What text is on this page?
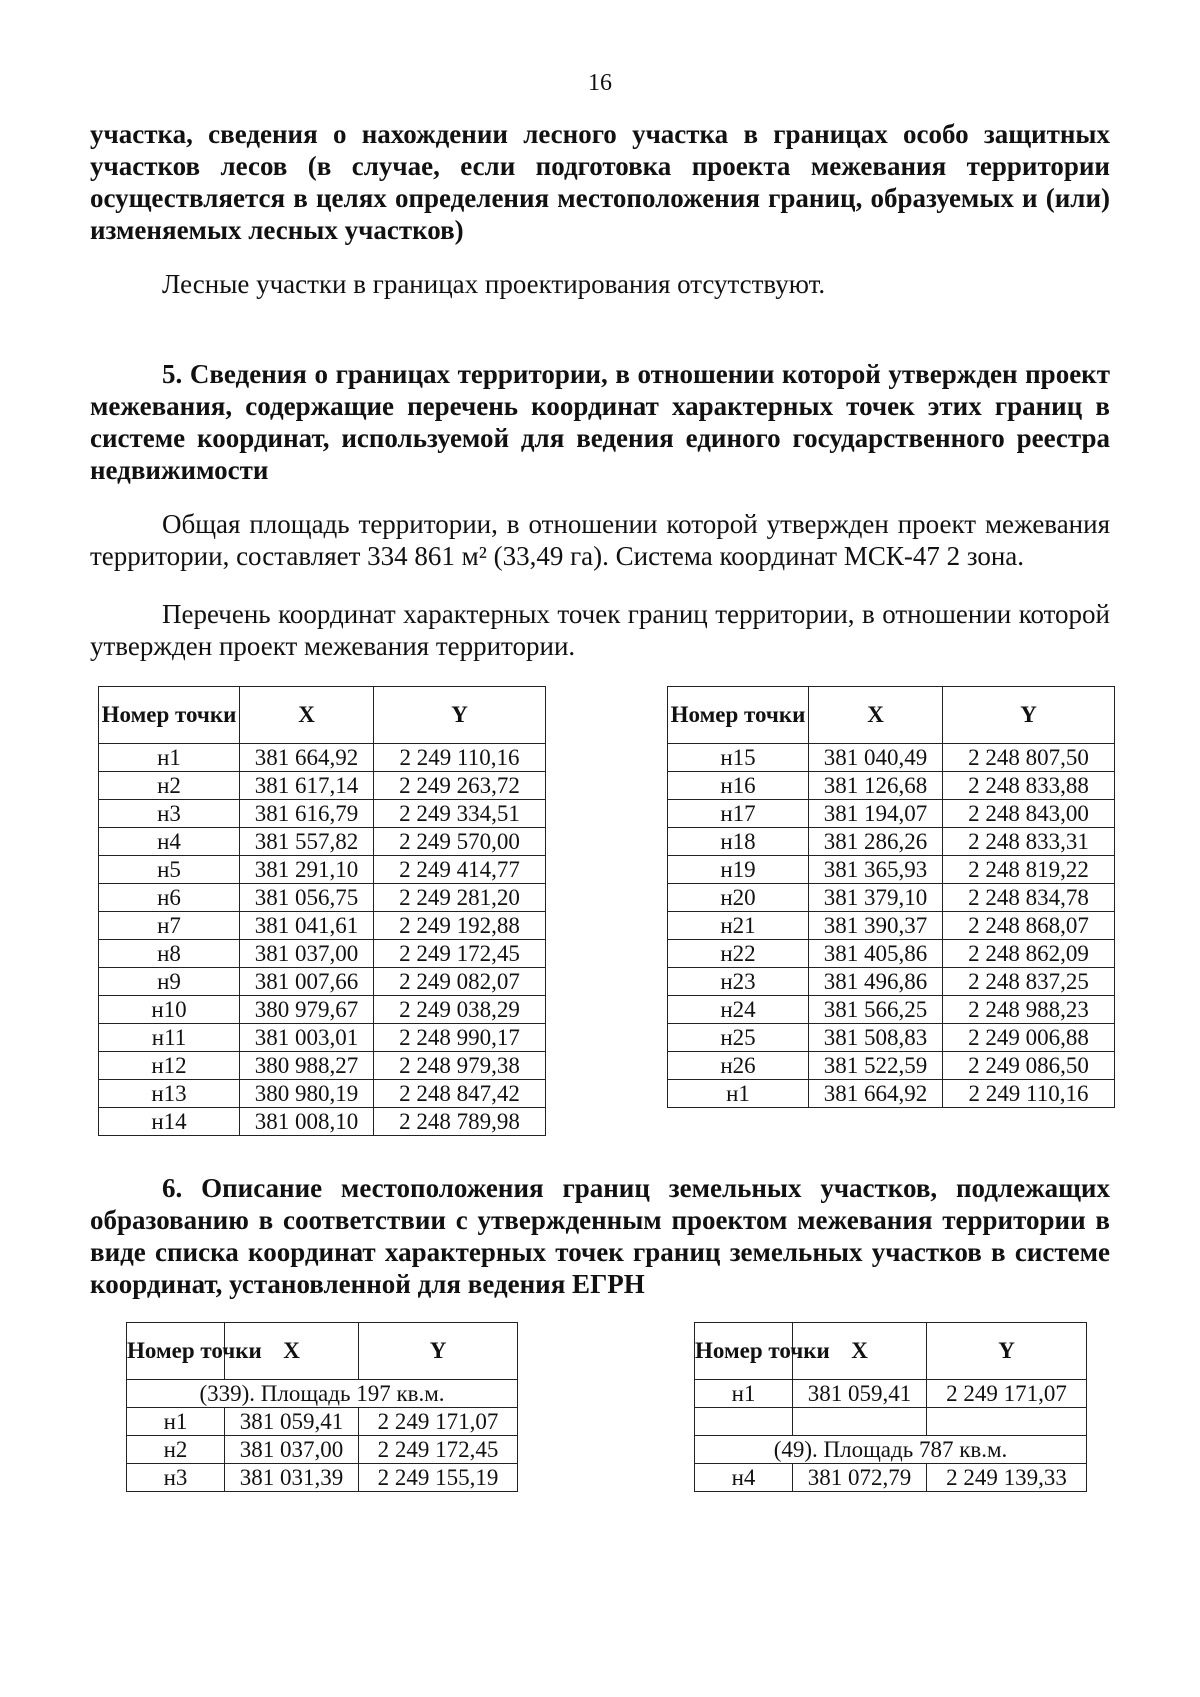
16
участка, сведения о нахождении лесного участка в границах особо защитных участков лесов (в случае, если подготовка проекта межевания территории осуществляется в целях определения местоположения границ, образуемых и (или) изменяемых лесных участков)
Лесные участки в границах проектирования отсутствуют.
5. Сведения о границах территории, в отношении которой утвержден проект межевания, содержащие перечень координат характерных точек этих границ в системе координат, используемой для ведения единого государственного реестра недвижимости
Общая площадь территории, в отношении которой утвержден проект межевания территории, составляет 334 861 м² (33,49 га). Система координат МСК-47 2 зона.
Перечень координат характерных точек границ территории, в отношении которой утвержден проект межевания территории.
Номер точки	X	Y
н1	381 664,92	2 249 110,16
н2	381 617,14	2 249 263,72
н3	381 616,79	2 249 334,51
н4	381 557,82	2 249 570,00
н5	381 291,10	2 249 414,77
н6	381 056,75	2 249 281,20
н7	381 041,61	2 249 192,88
н8	381 037,00	2 249 172,45
н9	381 007,66	2 249 082,07
н10	380 979,67	2 249 038,29
н11	381 003,01	2 248 990,17
н12	380 988,27	2 248 979,38
н13	380 980,19	2 248 847,42
н14	381 008,10	2 248 789,98
Номер точки	X	Y
н15	381 040,49	2 248 807,50
н16	381 126,68	2 248 833,88
н17	381 194,07	2 248 843,00
н18	381 286,26	2 248 833,31
н19	381 365,93	2 248 819,22
н20	381 379,10	2 248 834,78
н21	381 390,37	2 248 868,07
н22	381 405,86	2 248 862,09
н23	381 496,86	2 248 837,25
н24	381 566,25	2 248 988,23
н25	381 508,83	2 249 006,88
н26	381 522,59	2 249 086,50
н1	381 664,92	2 249 110,16
6. Описание местоположения границ земельных участков, подлежащих образованию в соответствии с утвержденным проектом межевания территории в виде списка координат характерных точек границ земельных участков в системе координат, установленной для ведения ЕГРН
Номер точки	X	Y
(339). Площадь 197 кв.м.		
н1	381 059,41	2 249 171,07
н2	381 037,00	2 249 172,45
н3	381 031,39	2 249 155,19
Номер точки	X	Y
н1	381 059,41	2 249 171,07

(49). Площадь 787 кв.м.		
н4	381 072,79	2 249 139,33
